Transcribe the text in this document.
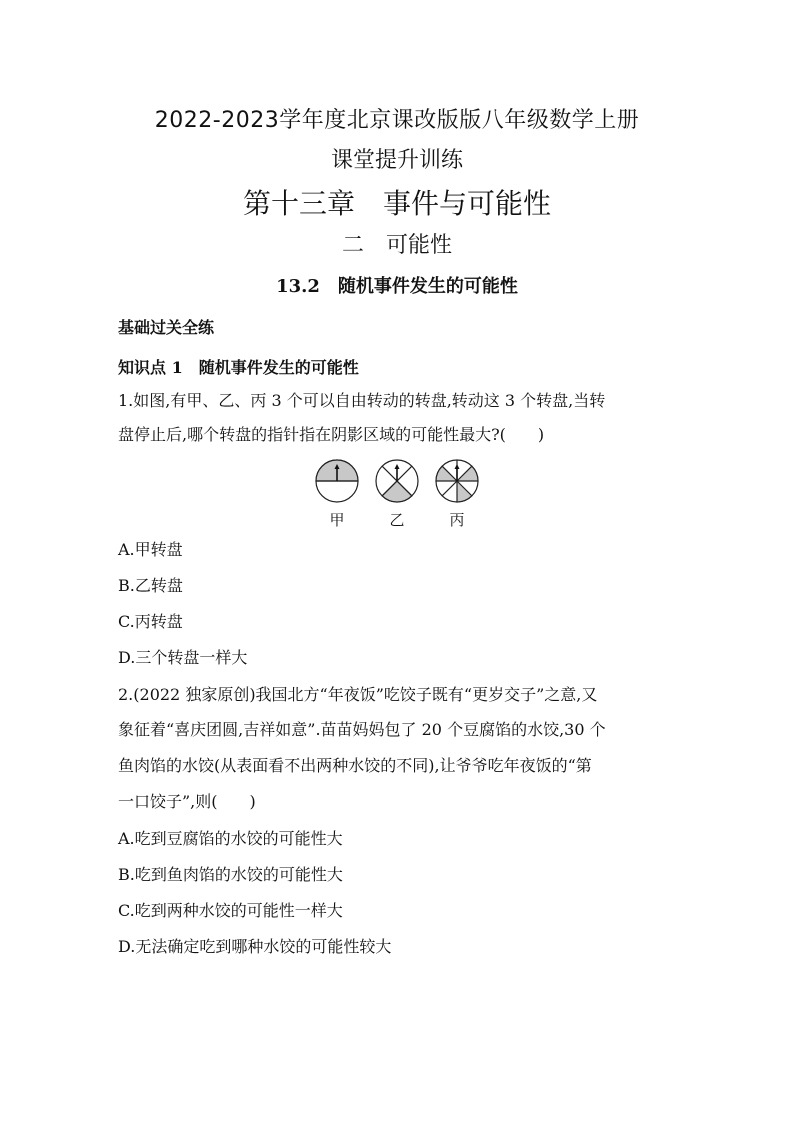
2022-2023学年度北京课改版版八年级数学上册
课堂提升训练
第十三章　事件与可能性
二　可能性
13.2　随机事件发生的可能性
基础过关全练
知识点 1　随机事件发生的可能性
1.如图,有甲、乙、丙 3 个可以自由转动的转盘,转动这 3 个转盘,当转
盘停止后,哪个转盘的指针指在阴影区域的可能性最大?(　　)
甲	乙	丙
A.甲转盘
B.乙转盘
C.丙转盘
D.三个转盘一样大
2.(2022 独家原创)我国北方“年夜饭”吃饺子既有“更岁交子”之意,又
象征着“喜庆团圆,吉祥如意”.苗苗妈妈包了 20 个豆腐馅的水饺,30 个
鱼肉馅的水饺(从表面看不出两种水饺的不同),让爷爷吃年夜饭的“第
一口饺子”,则(　　)
A.吃到豆腐馅的水饺的可能性大
B.吃到鱼肉馅的水饺的可能性大
C.吃到两种水饺的可能性一样大
D.无法确定吃到哪种水饺的可能性较大
